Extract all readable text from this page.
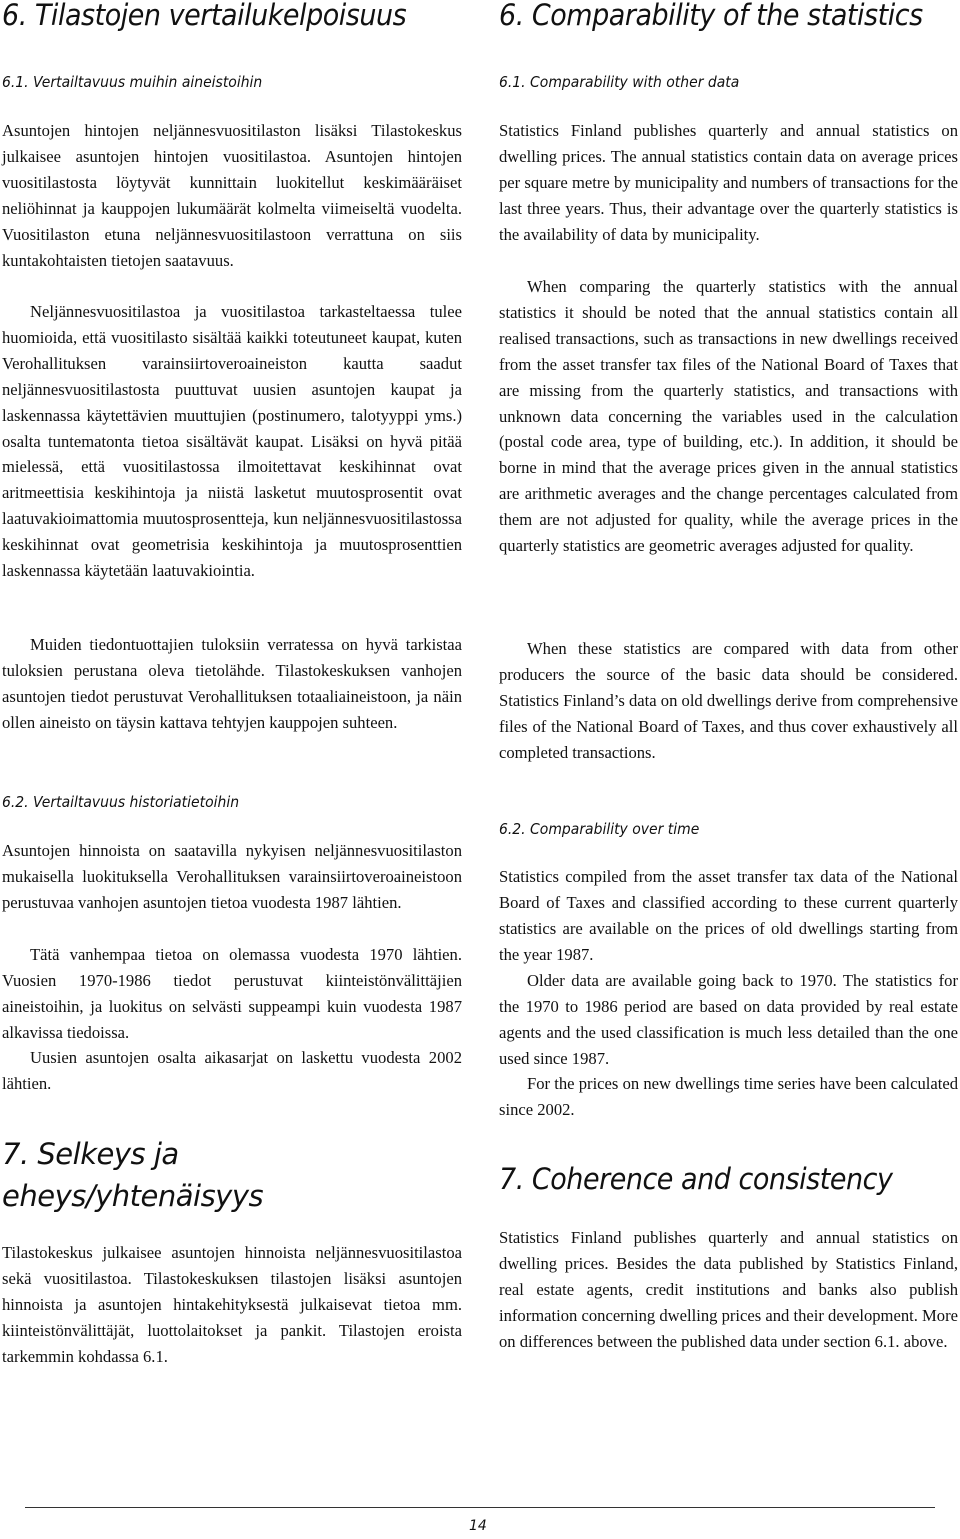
6. Tilastojen vertailukelpoisuus
6.1. Vertailtavuus muihin aineistoihin

Asuntojen hintojen neljännesvuositilaston lisäksi Tilastokeskus julkaisee asuntojen hintojen vuositilastoa. Asuntojen hintojen vuositilastosta löytyvät kunnittain luokitellut keskimääräiset neliöhinnat ja kauppojen lukumäärät kolmelta viimeiseltä vuodelta. Vuositilaston etuna neljännesvuositilastoon verrattuna on siis kuntakohtaisten tietojen saatavuus.

Neljännesvuositilastoa ja vuositilastoa tarkasteltaessa tulee huomioida, että vuositilasto sisältää kaikki toteutuneet kaupat, kuten Verohallituksen varainsiirtoveroaineiston kautta saadut neljännesvuositilastosta puuttuvat uusien asuntojen kaupat ja laskennassa käytettävien muuttujien (postinumero, talotyyppi yms.) osalta tuntematonta tietoa sisältävät kaupat. Lisäksi on hyvä pitää mielessä, että vuositilastossa ilmoitettavat keskihinnat ovat aritmeettisia keskihintoja ja niistä lasketut muutosprosentit ovat laatuvakioimattomia muutosprosentteja, kun neljännesvuositilastossa keskihinnat ovat geometrisia keskihintoja ja muutosprosenttien laskennassa käytetään laatuvakiointia.

Muiden tiedontuottajien tuloksiin verratessa on hyvä tarkistaa tuloksien perustana oleva tietolähde. Tilastokeskuksen vanhojen asuntojen tiedot perustuvat Verohallituksen totaaliaineistoon, ja näin ollen aineisto on täysin kattava tehtyjen kauppojen suhteen.

6.2. Vertailtavuus historiatietoihin

Asuntojen hinnoista on saatavilla nykyisen neljännesvuositilaston mukaisella luokituksella Verohallituksen varainsiirtoveroaineistoon perustuvaa vanhojen asuntojen tietoa vuodesta 1987 lähtien.

Tätä vanhempaa tietoa on olemassa vuodesta 1970 lähtien. Vuosien 1970-1986 tiedot perustuvat kiinteistönvälittäjien aineistoihin, ja luokitus on selvästi suppeampi kuin vuodesta 1987 alkavissa tiedoissa.

Uusien asuntojen osalta aikasarjat on laskettu vuodesta 2002 lähtien.

7. Selkeys ja eheys/yhtenäisyys

Tilastokeskus julkaisee asuntojen hinnoista neljännesvuositilastoa sekä vuositilastoa. Tilastokeskuksen tilastojen lisäksi asuntojen hinnoista ja asuntojen hintakehityksestä julkaisevat tietoa mm. kiinteistönvälittäjät, luottolaitokset ja pankit. Tilastojen eroista tarkemmin kohdassa 6.1.

6. Comparability of the statistics
6.1. Comparability with other data

Statistics Finland publishes quarterly and annual statistics on dwelling prices. The annual statistics contain data on average prices per square metre by municipality and numbers of transactions for the last three years. Thus, their advantage over the quarterly statistics is the availability of data by municipality.

When comparing the quarterly statistics with the annual statistics it should be noted that the annual statistics contain all realised transactions, such as transactions in new dwellings received from the asset transfer tax files of the National Board of Taxes that are missing from the quarterly statistics, and transactions with unknown data concerning the variables used in the calculation (postal code area, type of building, etc.). In addition, it should be borne in mind that the average prices given in the annual statistics are arithmetic averages and the change percentages calculated from them are not adjusted for quality, while the average prices in the quarterly statistics are geometric averages adjusted for quality.

When these statistics are compared with data from other producers the source of the basic data should be considered. Statistics Finland’s data on old dwellings derive from comprehensive files of the National Board of Taxes, and thus cover exhaustively all completed transactions.

6.2. Comparability over time

Statistics compiled from the asset transfer tax data of the National Board of Taxes and classified according to these current quarterly statistics are available on the prices of old dwellings starting from the year 1987.

Older data are available going back to 1970. The statistics for the 1970 to 1986 period are based on data provided by real estate agents and the used classification is much less detailed than the one used since 1987.

For the prices on new dwellings time series have been calculated since 2002.

7. Coherence and consistency

Statistics Finland publishes quarterly and annual statistics on dwelling prices. Besides the data published by Statistics Finland, real estate agents, credit institutions and banks also publish information concerning dwelling prices and their development. More on differences between the published data under section 6.1. above.

14
